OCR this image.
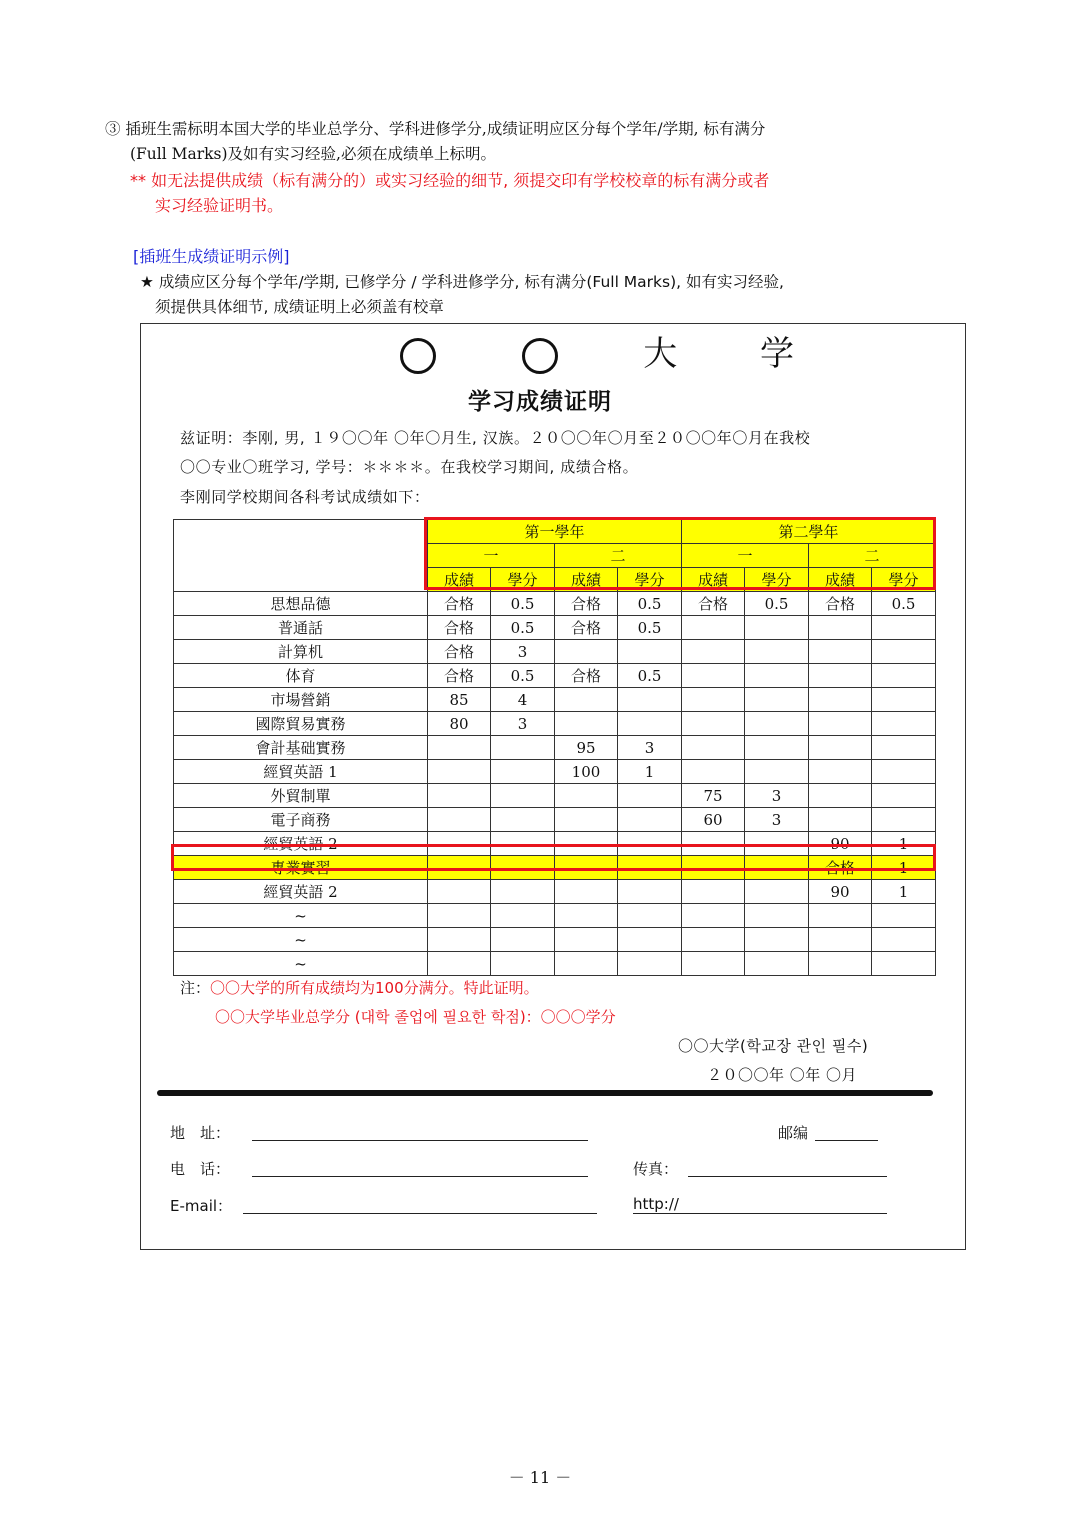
③ 插班生需标明本国大学的毕业总学分、学科进修学分,成绩证明应区分每个学年/学期, 标有满分
(Full Marks)及如有实习经验,必须在成绩单上标明。
** 如无法提供成绩（标有满分的）或实习经验的细节, 须提交印有学校校章的标有满分或者
实习经验证明书。
[插班生成绩证明示例]
★ 成绩应区分每个学年/学期, 已修学分 / 学科进修学分, 标有满分(Full Marks), 如有实习经验,
须提供具体细节, 成绩证明上必须盖有校章
大 学
学习成绩证明
兹证明：李刚, 男, １９〇〇年 〇年〇月生, 汉族。２０〇〇年〇月至２０〇〇年〇月在我校
〇〇专业〇班学习, 学号：＊＊＊＊。在我校学习期间, 成绩合格。
李刚同学校期间各科考试成绩如下：
	第一學年				第二學年			
	一		二		一		二	
	成績	學分	成績	學分	成績	學分	成績	學分
思想品德	合格	0.5	合格	0.5	合格	0.5	合格	0.5
普通話	合格	0.5	合格	0.5				
計算机	合格	3						
体育	合格	0.5	合格	0.5				
市場營銷	85	4						
國際貿易實務	80	3						
會計基础實務			95	3				
經貿英語 1			100	1				
外貿制單					75	3		
電子商務					60	3		
經貿英語 2							90	1
專業實習							合格	1
經貿英語 2							90	1
~								
~								
~								
注：〇〇大学的所有成绩均为100分满分。特此证明。
〇〇大学毕业总学分 (대학 졸업에 필요한 학점)：〇〇〇学分
〇〇大学(학교장 관인 필수)
２０〇〇年 〇年 〇月
地　址：	邮编
电　话：	传真：
E-mail：	http://
－ 11 －
